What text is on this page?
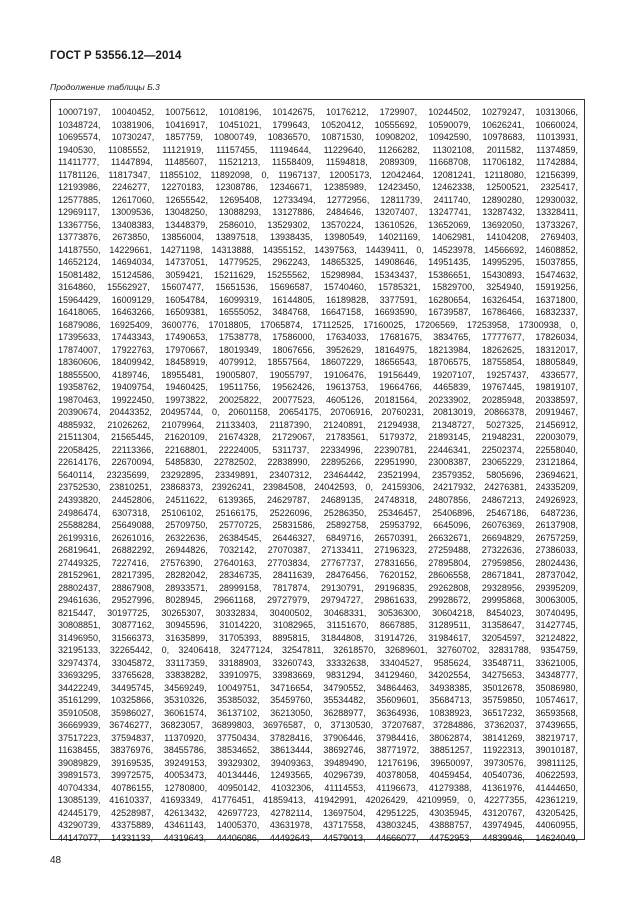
ГОСТ Р 53556.12—2014
Продолжение таблицы Б.3
10007197, 10040452, 10075612, 10108196, 10142675, 10176212, 1729907, 10244502, 10279247, 10313066,
10348724, 10381906, 10416917, 10451021, 1799643, 10520412, 10555692, 10590079, 10626241, 10660024,
10695574, 10730247, 1857759, 10800749, 10836570, 10871530, 10908202, 10942590, 10978683, 11013931,
1940530, 11085552, 11121919, 11157455, 11194644, 11229640, 11266282, 11302108, 2011582, 11374859,
11411777, 11447894, 11485607, 11521213, 11558409, 11594818, 2089309, 11668708, 11706182, 11742884,
11781126, 11817347, 11855102, 11892098, 0, 11967137, 12005173, 12042464, 12081241, 12118080, 12156399,
12193986, 2246277, 12270183, 12308786, 12346671, 12385989, 12423450, 12462338, 12500521, 2325417,
12577885, 12617060, 12655542, 12695408, 12733494, 12772956, 12811739, 2411740, 12890280, 12930032,
12969117, 13009536, 13048250, 13088293, 13127886, 2484646, 13207407, 13247741, 13287432, 13328411,
13367756, 13408383, 13448379, 2586010, 13529302, 13570224, 13610526, 13652069, 13692050, 13733267,
13773876, 2673850, 13856004, 13897518, 13938435, 13980549, 14021169, 14062981, 14104208, 2769403,
14187550, 14229661, 14271198, 14313888, 14355152, 14397563, 14439411, 0, 14523978, 14566692, 14608852,
14652124, 14694034, 14737051, 14779525, 2962243, 14865325, 14908646, 14951435, 14995295, 15037855,
15081482, 15124586, 3059421, 15211629, 15255562, 15298984, 15343437, 15386651, 15430893, 15474632,
3164860, 15562927, 15607477, 15651536, 15696587, 15740460, 15785321, 15829700, 3254940, 15919256,
15964429, 16009129, 16054784, 16099319, 16144805, 16189828, 3377591, 16280654, 16326454, 16371800,
16418065, 16463266, 16509381, 16555052, 3484768, 16647158, 16693590, 16739587, 16786466, 16832337,
16879086, 16925409, 3600776, 17018805, 17065874, 17112525, 17160025, 17206569, 17253958, 17300938, 0,
17395633, 17443343, 17490653, 17538778, 17586000, 17634033, 17681675, 3834765, 17777677, 17826034,
17874007, 17922763, 17970667, 18019349, 18067656, 3952629, 18164975, 18213984, 18262625, 18312017,
18360606, 18409942, 18458919, 4079912, 18557564, 18607229, 18656543, 18706575, 18755854, 18805849,
18855500, 4189746, 18955481, 19005807, 19055797, 19106476, 19156449, 19207107, 19257437, 4336577,
19358762, 19409754, 19460425, 19511756, 19562426, 19613753, 19664766, 4465839, 19767445, 19819107,
19870463, 19922450, 19973822, 20025822, 20077523, 4605126, 20181564, 20233902, 20285948, 20338597,
20390674, 20443352, 20495744, 0, 20601158, 20654175, 20706916, 20760231, 20813019, 20866378, 20919467,
4885932, 21026262, 21079964, 21133403, 21187390, 21240891, 21294938, 21348727, 5027325, 21456912,
21511304, 21565445, 21620109, 21674328, 21729067, 21783561, 5179372, 21893145, 21948231, 22003079,
22058425, 22113366, 22168801, 22224005, 5311737, 22334996, 22390781, 22446341, 22502374, 22558040,
22614176, 22670094, 5485830, 22782502, 22838990, 22895266, 22951990, 23008387, 23065229, 23121864,
5640114, 23235699, 23292895, 23349891, 23407312, 23464442, 23521994, 23579352, 5805696, 23694621,
23752530, 23810251, 23868373, 23926241, 23984508, 24042593, 0, 24159306, 24217932, 24276381, 24335209,
24393820, 24452806, 24511622, 6139365, 24629787, 24689135, 24748318, 24807856, 24867213, 24926923,
24986474, 6307318, 25106102, 25166175, 25226096, 25286350, 25346457, 25406896, 25467186, 6487236,
25588284, 25649088, 25709750, 25770725, 25831586, 25892758, 25953792, 6645096, 26076369, 26137908,
26199316, 26261016, 26322636, 26384545, 26446327, 6849716, 26570391, 26632671, 26694829, 26757259,
26819641, 26882292, 26944826, 7032142, 27070387, 27133411, 27196323, 27259488, 27322636, 27386033,
27449325, 7227416, 27576390, 27640163, 27703834, 27767737, 27831656, 27895804, 27959856, 28024436,
28152961, 28217395, 28282042, 28346735, 28411639, 28476456, 7620152, 28606558, 28671841, 28737042,
28802437, 28867908, 28933571, 28999158, 7817874, 29130791, 29196835, 29262808, 29328956, 29395209,
29461636, 29527996, 8028945, 29661168, 29727979, 29794727, 29861633, 29928672, 29995868, 30063005,
8215447, 30197725, 30265307, 30332834, 30400502, 30468331, 30536300, 30604218, 8454023, 30740495,
30808851, 30877162, 30945596, 31014220, 31082965, 31151670, 8667885, 31289511, 31358647, 31427745,
31496950, 31566373, 31635899, 31705393, 8895815, 31844808, 31914726, 31984617, 32054597, 32124822,
32195133, 32265442, 0, 32406418, 32477124, 32547811, 32618570, 32689601, 32760702, 32831788, 9354759,
32974374, 33045872, 33117359, 33188903, 33260743, 33332638, 33404527, 9585624, 33548711, 33621005,
33693295, 33765628, 33838282, 33910975, 33983669, 9831294, 34129460, 34202554, 34275653, 34348777,
34422249, 34495745, 34569249, 10049751, 34716654, 34790552, 34864463, 34938385, 35012678, 35086980,
35161299, 10325866, 35310326, 35385032, 35459760, 35534482, 35609601, 35684713, 35759850, 10574617,
35910508, 35986027, 36061574, 36137102, 36213050, 36288977, 36364936, 10838923, 36517232, 36593568,
36669939, 36746277, 36823057, 36899803, 36976587, 0, 37130530, 37207687, 37284886, 37362037, 37439655,
37517223, 37594837, 11370920, 37750434, 37828416, 37906446, 37984416, 38062874, 38141269, 38219717,
11638455, 38376976, 38455786, 38534652, 38613444, 38692746, 38771972, 38851257, 11922313, 39010187,
39089829, 39169535, 39249153, 39329302, 39409363, 39489490, 12176196, 39650097, 39730576, 39811125,
39891573, 39972575, 40053473, 40134446, 12493565, 40296739, 40378058, 40459454, 40540736, 40622593,
40704334, 40786155, 12780800, 40950142, 41032306, 41114553, 41196673, 41279388, 41361976, 41444650,
13085139, 41610337, 41693349, 41776451, 41859413, 41942991, 42026429, 42109959, 0, 42277355, 42361219,
42445179, 42528987, 42613432, 42697723, 42782114, 13697504, 42951225, 43035945, 43120767, 43205425,
43290739, 43375889, 43461143, 14005370, 43631978, 43717558, 43803245, 43888757, 43974945, 44060955,
44147077, 14331133, 44319643, 44406086, 44492643, 44579013, 44666077, 44752953, 44839946, 14624049,
48
